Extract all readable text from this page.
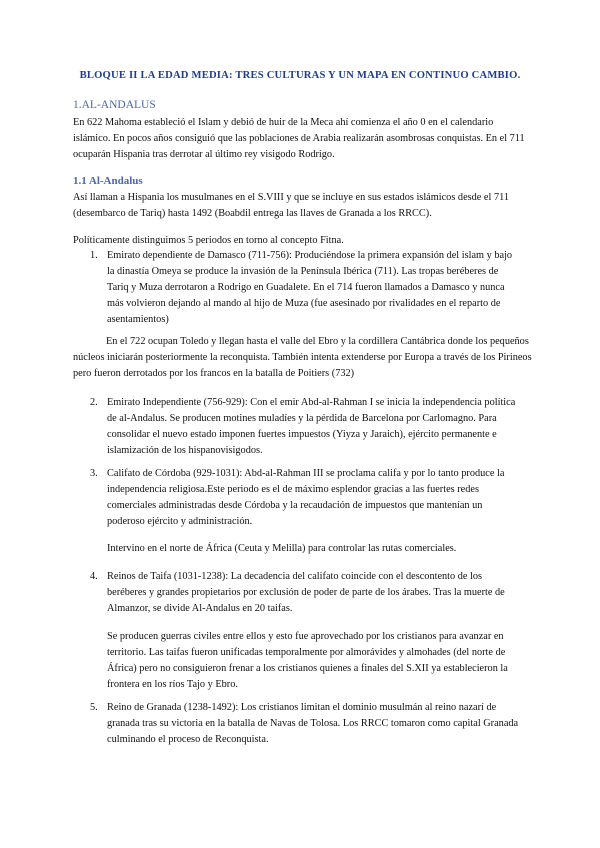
BLOQUE II LA EDAD MEDIA: TRES CULTURAS Y UN MAPA EN CONTINUO CAMBIO.
1.AL-ANDALUS

En 622 Mahoma estableció el Islam y debió de huir de la Meca ahí comienza el año 0 en el calendario islámico. En pocos años consiguió que las poblaciones de Arabia realizarán asombrosas conquistas. En el 711 ocuparán Hispania tras derrotar al último rey visigodo Rodrigo.

1.1 Al-Andalus

Así llaman a Hispania los musulmanes en el S.VIII y que se incluye en sus estados islámicos desde el 711 (desembarco de Tariq) hasta 1492 (Boabdil entrega las llaves de Granada a los RRCC).

Políticamente distinguimos 5 periodos en torno al concepto Fitna.

1. Emirato dependiente de Damasco (711-756): Produciéndose la primera expansión del islam y bajo la dinastía Omeya se produce la invasión de la Península Ibérica (711). Las tropas beréberes de Tariq y Muza derrotaron a Rodrigo en Guadalete. En el 714 fueron llamados a Damasco y nunca más volvieron dejando al mando al hijo de Muza (fue asesinado por rivalidades en el reparto de asentamientos)

En el 722 ocupan Toledo y llegan hasta el valle del Ebro y la cordillera Cantábrica donde los pequeños núcleos iniciarán posteriormente la reconquista. También intenta extenderse por Europa a través de los Pirineos pero fueron derrotados por los francos en la batalla de Poitiers (732)

2. Emirato Independiente (756-929): Con el emir Abd-al-Rahman I se inicia la independencia política de al-Andalus. Se producen motines muladíes y la pérdida de Barcelona por Carlomagno. Para consolidar el nuevo estado imponen fuertes impuestos (Yiyza y Jaraich), ejército permanente e islamización de los hispanovisigodos.

3. Califato de Córdoba (929-1031): Abd-al-Rahman III se proclama califa y por lo tanto produce la independencia religiosa.Este periodo es el de máximo esplendor gracias a las fuertes redes comerciales administradas desde Córdoba y la recaudación de impuestos que mantenían un poderoso ejército y administración.

Intervino en el norte de África (Ceuta y Melilla) para controlar las rutas comerciales.

4. Reinos de Taifa (1031-1238): La decadencia del califato coincide con el descontento de los beréberes y grandes propietarios por exclusión de poder de parte de los árabes. Tras la muerte de Almanzor, se divide Al-Andalus en 20 taifas.

Se producen guerras civiles entre ellos y esto fue aprovechado por los cristianos para avanzar en territorio. Las taifas fueron unificadas temporalmente por almorávides y almohades (del norte de África) pero no consiguieron frenar a los cristianos quienes a finales del S.XII ya establecieron la frontera en los ríos Tajo y Ebro.

5. Reino de Granada (1238-1492): Los cristianos limitan el dominio musulmán al reino nazarí de granada tras su victoria en la batalla de Navas de Tolosa. Los RRCC tomaron como capital Granada culminando el proceso de Reconquista.
